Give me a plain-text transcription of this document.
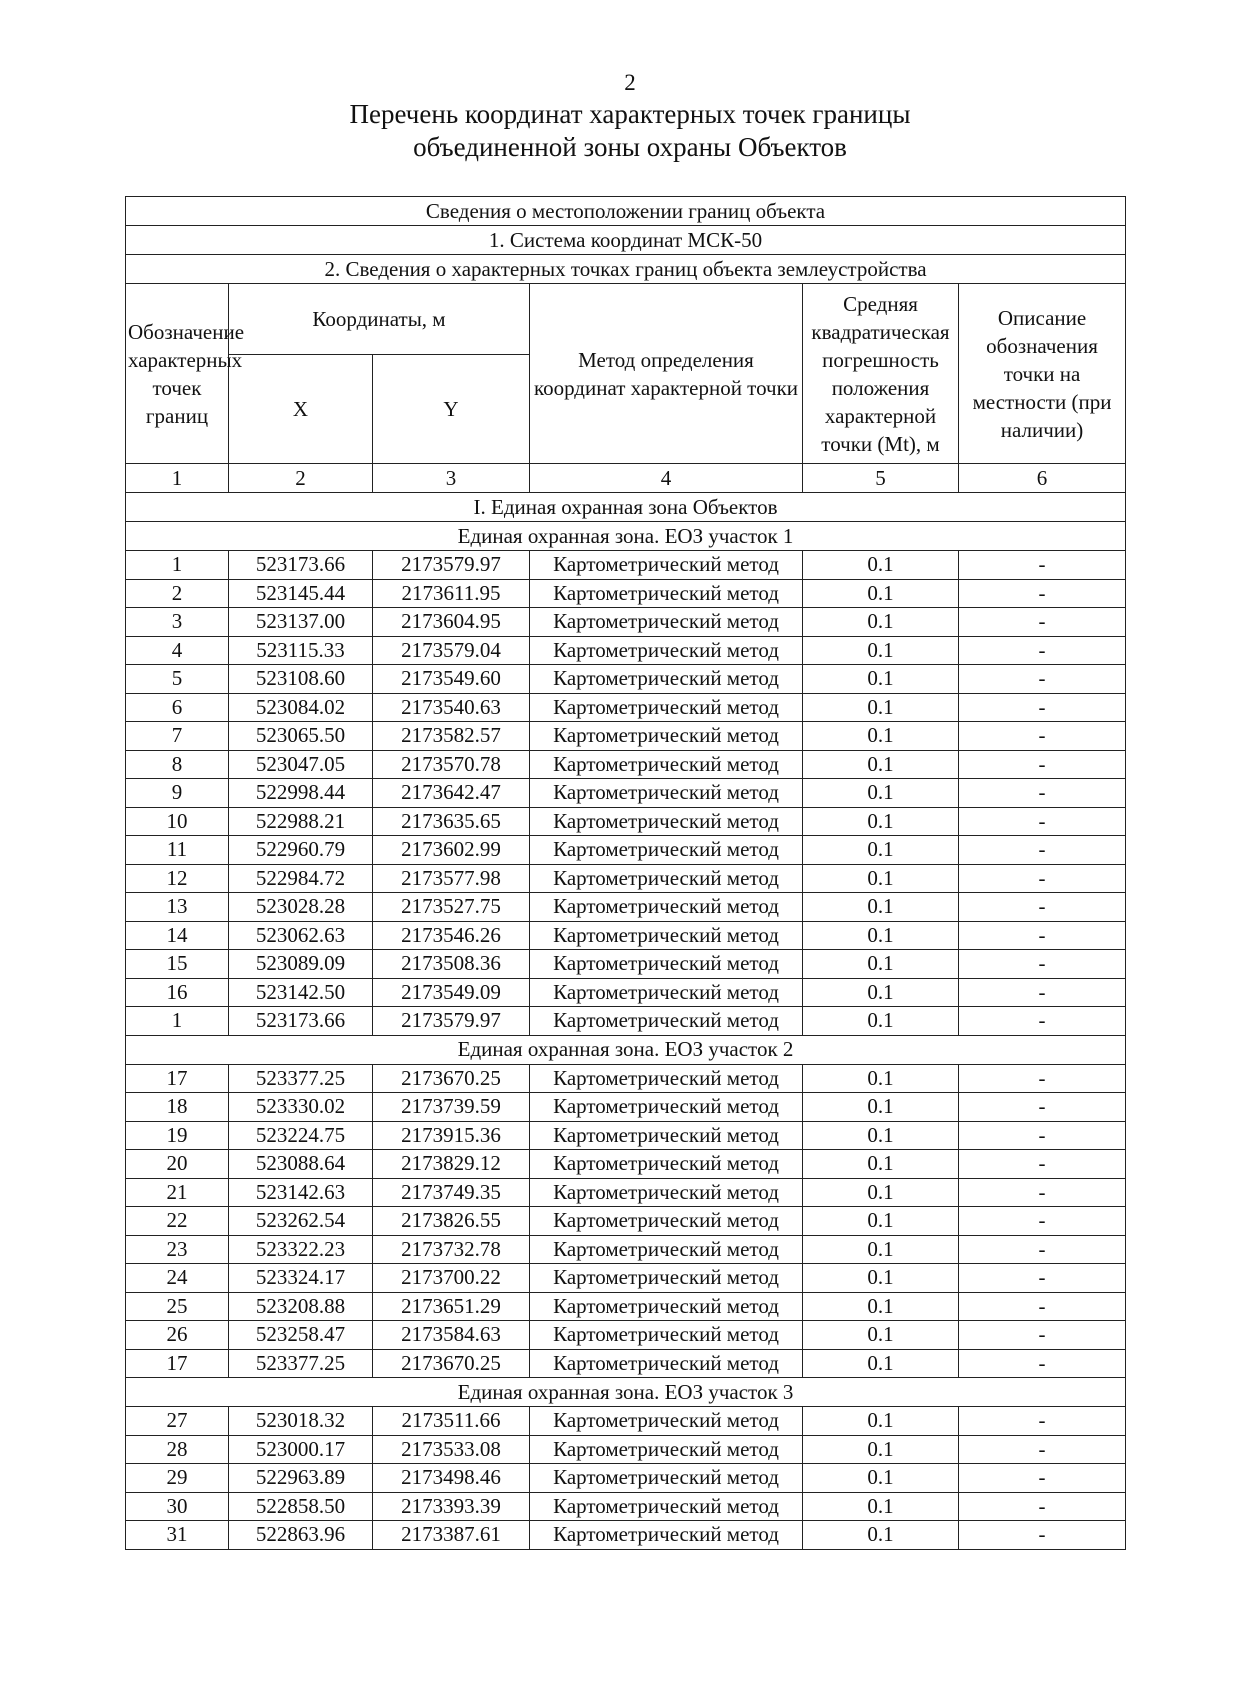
2
Перечень координат характерных точек границы
объединенной зоны охраны Объектов
Сведения о местоположении границ объекта					
1. Система координат МСК-50					
2. Сведения о характерных точках границ объекта землеустройства					
Обозначение характерных точек границ	Координаты, м		Метод определения координат характерной точки	Средняя квадратическая погрешность положения характерной точки (Mt), м	Описание обозначения точки на местности (при наличии)
	X	Y			
1	2	3	4	5	6
I. Единая охранная зона Объектов					
Единая охранная зона. ЕОЗ участок 1					
1	523173.66	2173579.97	Картометрический метод	0.1	-
2	523145.44	2173611.95	Картометрический метод	0.1	-
3	523137.00	2173604.95	Картометрический метод	0.1	-
4	523115.33	2173579.04	Картометрический метод	0.1	-
5	523108.60	2173549.60	Картометрический метод	0.1	-
6	523084.02	2173540.63	Картометрический метод	0.1	-
7	523065.50	2173582.57	Картометрический метод	0.1	-
8	523047.05	2173570.78	Картометрический метод	0.1	-
9	522998.44	2173642.47	Картометрический метод	0.1	-
10	522988.21	2173635.65	Картометрический метод	0.1	-
11	522960.79	2173602.99	Картометрический метод	0.1	-
12	522984.72	2173577.98	Картометрический метод	0.1	-
13	523028.28	2173527.75	Картометрический метод	0.1	-
14	523062.63	2173546.26	Картометрический метод	0.1	-
15	523089.09	2173508.36	Картометрический метод	0.1	-
16	523142.50	2173549.09	Картометрический метод	0.1	-
1	523173.66	2173579.97	Картометрический метод	0.1	-
Единая охранная зона. ЕОЗ участок 2					
17	523377.25	2173670.25	Картометрический метод	0.1	-
18	523330.02	2173739.59	Картометрический метод	0.1	-
19	523224.75	2173915.36	Картометрический метод	0.1	-
20	523088.64	2173829.12	Картометрический метод	0.1	-
21	523142.63	2173749.35	Картометрический метод	0.1	-
22	523262.54	2173826.55	Картометрический метод	0.1	-
23	523322.23	2173732.78	Картометрический метод	0.1	-
24	523324.17	2173700.22	Картометрический метод	0.1	-
25	523208.88	2173651.29	Картометрический метод	0.1	-
26	523258.47	2173584.63	Картометрический метод	0.1	-
17	523377.25	2173670.25	Картометрический метод	0.1	-
Единая охранная зона. ЕОЗ участок 3					
27	523018.32	2173511.66	Картометрический метод	0.1	-
28	523000.17	2173533.08	Картометрический метод	0.1	-
29	522963.89	2173498.46	Картометрический метод	0.1	-
30	522858.50	2173393.39	Картометрический метод	0.1	-
31	522863.96	2173387.61	Картометрический метод	0.1	-
